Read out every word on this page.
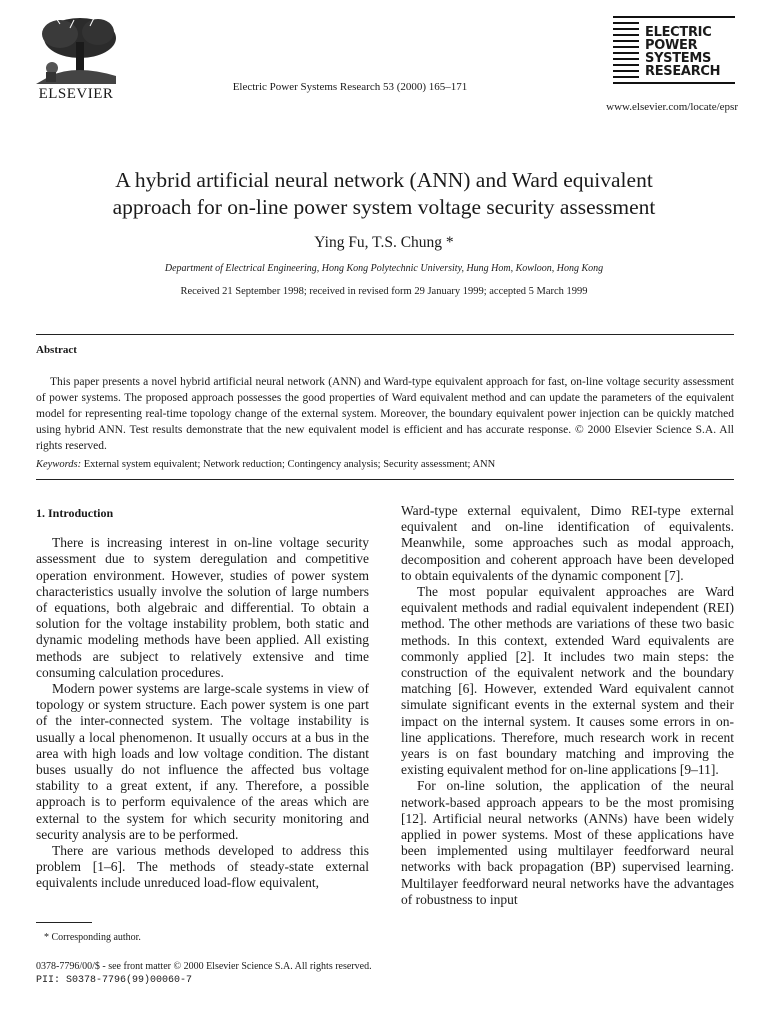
ELSEVIER	Electric Power Systems Research 53 (2000) 165–171
ELECTRIC
POWER
SYSTEMS
RESEARCH
www.elsevier.com/locate/epsr
A hybrid artificial neural network (ANN) and Ward equivalent
approach for on-line power system voltage security assessment
Ying Fu, T.S. Chung *
Department of Electrical Engineering, Hong Kong Polytechnic University, Hung Hom, Kowloon, Hong Kong
Received 21 September 1998; received in revised form 29 January 1999; accepted 5 March 1999
Abstract
This paper presents a novel hybrid artificial neural network (ANN) and Ward-type equivalent approach for fast, on-line voltage security assessment of power systems. The proposed approach possesses the good properties of Ward equivalent method and can update the parameters of the equivalent model for representing real-time topology change of the external system. Moreover, the boundary equivalent power injection can be quickly matched using hybrid ANN. Test results demonstrate that the new equivalent model is efficient and has accurate response. © 2000 Elsevier Science S.A. All rights reserved.
Keywords: External system equivalent; Network reduction; Contingency analysis; Security assessment; ANN
1. Introduction

There is increasing interest in on-line voltage security assessment due to system deregulation and competitive operation environment. However, studies of power system characteristics usually involve the solution of large numbers of equations, both algebraic and differential. To obtain a solution for the voltage instability problem, both static and dynamic modeling methods have been applied. All existing methods are subject to relatively extensive and time consuming calculation procedures.

Modern power systems are large-scale systems in view of topology or system structure. Each power system is one part of the inter-connected system. The voltage instability is usually a local phenomenon. It usually occurs at a bus in the area with high loads and low voltage condition. The distant buses usually do not influence the affected bus voltage stability to a great extent, if any. Therefore, a possible approach is to perform equivalence of the areas which are external to the system for which security monitoring and security analysis are to be performed.

There are various methods developed to address this problem [1–6]. The methods of steady-state external equivalents include unreduced load-flow equivalent,

Ward-type external equivalent, Dimo REI-type external equivalent and on-line identification of equivalents. Meanwhile, some approaches such as modal approach, decomposition and coherent approach have been developed to obtain equivalents of the dynamic component [7].

The most popular equivalent approaches are Ward equivalent methods and radial equivalent independent (REI) method. The other methods are variations of these two basic methods. In this context, extended Ward equivalents are commonly applied [2]. It includes two main steps: the construction of the equivalent network and the boundary matching [6]. However, extended Ward equivalent cannot simulate significant events in the external system and their impact on the internal system. It causes some errors in on-line applications. Therefore, much research work in recent years is on fast boundary matching and improving the existing equivalent method for on-line applications [9–11].

For on-line solution, the application of the neural network-based approach appears to be the most promising [12]. Artificial neural networks (ANNs) have been widely applied in power systems. Most of these applications have been implemented using multilayer feedforward neural networks with back propagation (BP) supervised learning. Multilayer feedforward neural networks have the advantages of robustness to input

* Corresponding author.
0378-7796/00/$ - see front matter © 2000 Elsevier Science S.A. All rights reserved.
PII: S0378-7796(99)00060-7
